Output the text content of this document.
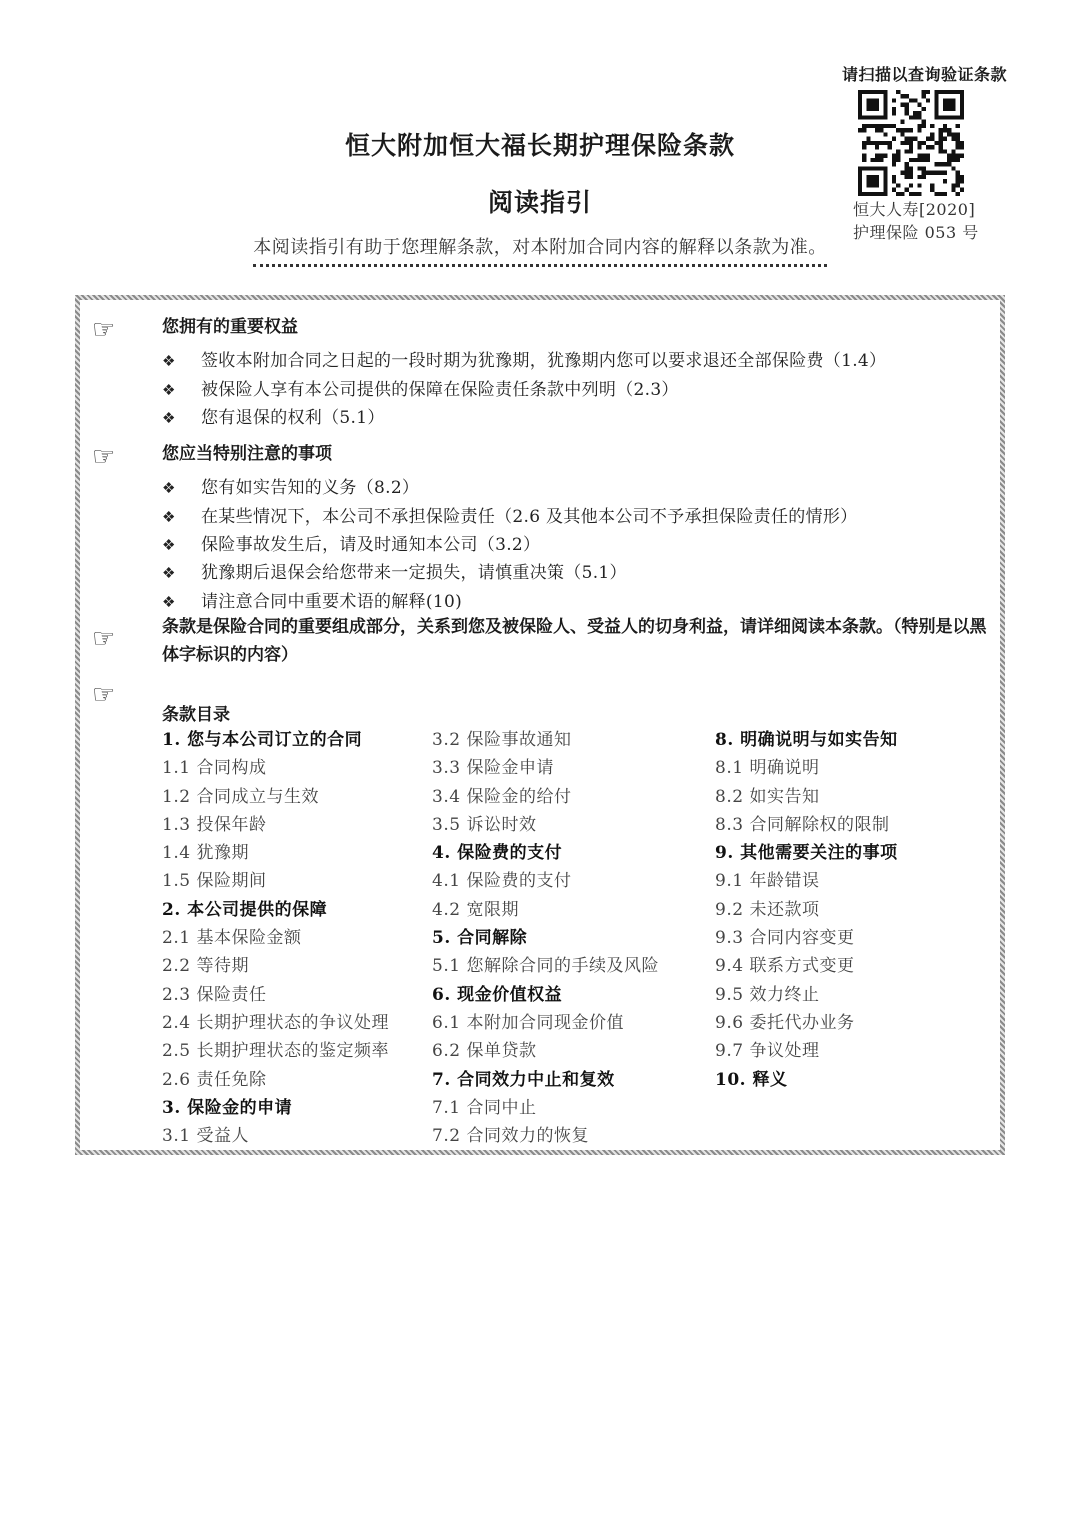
请扫描以查询验证条款
恒大人寿[2020]
护理保险 053 号
恒大附加恒大福长期护理保险条款
阅读指引
本阅读指引有助于您理解条款，对本附加合同内容的解释以条款为准。
☞	您拥有的重要权益
❖ 签收本附加合同之日起的一段时期为犹豫期，犹豫期内您可以要求退还全部保险费（1.4）
❖ 被保险人享有本公司提供的保障在保险责任条款中列明（2.3）
❖ 您有退保的权利（5.1）
☞	您应当特别注意的事项
❖ 您有如实告知的义务（8.2）
❖ 在某些情况下，本公司不承担保险责任（2.6 及其他本公司不予承担保险责任的情形）
❖ 保险事故发生后，请及时通知本公司（3.2）
❖ 犹豫期后退保会给您带来一定损失，请慎重决策（5.1）
❖ 请注意合同中重要术语的解释(10)
☞	条款是保险合同的重要组成部分，关系到您及被保险人、受益人的切身利益，请详细阅读本条款。（特别是以黑体字标识的内容）
☞
条款目录
1. 您与本公司订立的合同
1.1 合同构成
1.2 合同成立与生效
1.3 投保年龄
1.4 犹豫期
1.5 保险期间
2. 本公司提供的保障
2.1 基本保险金额
2.2 等待期
2.3 保险责任
2.4 长期护理状态的争议处理
2.5 长期护理状态的鉴定频率
2.6 责任免除
3. 保险金的申请
3.1 受益人
3.2 保险事故通知
3.3 保险金申请
3.4 保险金的给付
3.5 诉讼时效
4. 保险费的支付
4.1 保险费的支付
4.2 宽限期
5. 合同解除
5.1 您解除合同的手续及风险
6. 现金价值权益
6.1 本附加合同现金价值
6.2 保单贷款
7. 合同效力中止和复效
7.1 合同中止
7.2 合同效力的恢复
8. 明确说明与如实告知
8.1 明确说明
8.2 如实告知
8.3 合同解除权的限制
9. 其他需要关注的事项
9.1 年龄错误
9.2 未还款项
9.3 合同内容变更
9.4 联系方式变更
9.5 效力终止
9.6 委托代办业务
9.7 争议处理
10. 释义
